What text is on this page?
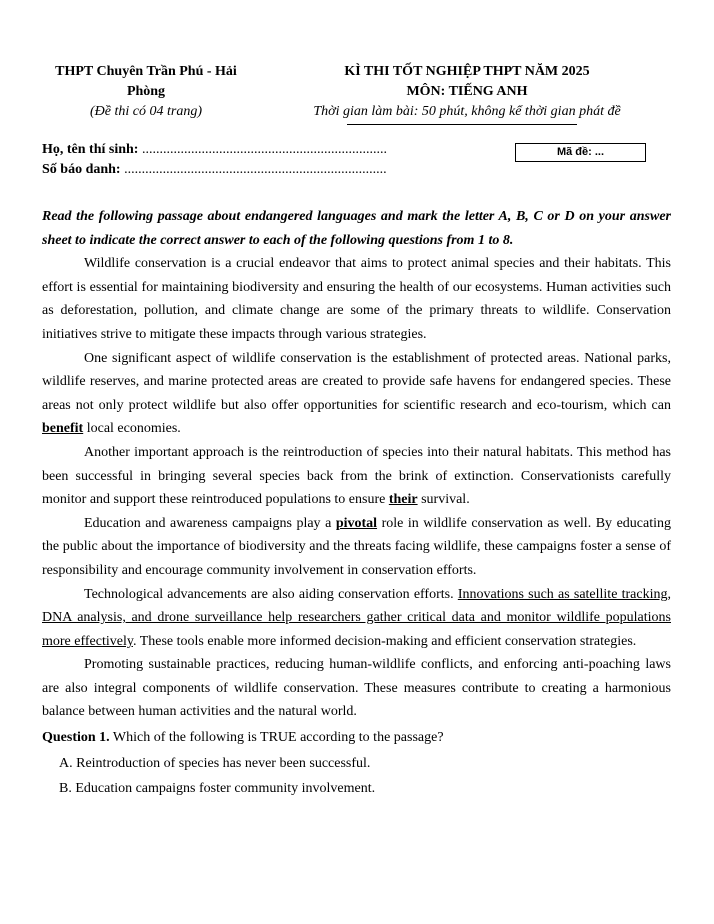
THPT Chuyên Trần Phú - Hải
Phòng
(Đề thi có 04 trang)
KÌ THI TỐT NGHIỆP THPT NĂM 2025
MÔN: TIẾNG ANH
Thời gian làm bài: 50 phút, không kể thời gian phát đề
Họ, tên thí sinh: ......................................................................
Số báo danh: ...........................................................................
Mã đề: ...

Read the following passage about endangered languages and mark the letter A, B, C or D on your answer sheet to indicate the correct answer to each of the following questions from 1 to 8.

Wildlife conservation is a crucial endeavor that aims to protect animal species and their habitats. This effort is essential for maintaining biodiversity and ensuring the health of our ecosystems. Human activities such as deforestation, pollution, and climate change are some of the primary threats to wildlife. Conservation initiatives strive to mitigate these impacts through various strategies.

One significant aspect of wildlife conservation is the establishment of protected areas. National parks, wildlife reserves, and marine protected areas are created to provide safe havens for endangered species. These areas not only protect wildlife but also offer opportunities for scientific research and eco-tourism, which can benefit local economies.

Another important approach is the reintroduction of species into their natural habitats. This method has been successful in bringing several species back from the brink of extinction. Conservationists carefully monitor and support these reintroduced populations to ensure their survival.

Education and awareness campaigns play a pivotal role in wildlife conservation as well. By educating the public about the importance of biodiversity and the threats facing wildlife, these campaigns foster a sense of responsibility and encourage community involvement in conservation efforts.

Technological advancements are also aiding conservation efforts. Innovations such as satellite tracking, DNA analysis, and drone surveillance help researchers gather critical data and monitor wildlife populations more effectively. These tools enable more informed decision-making and efficient conservation strategies.

Promoting sustainable practices, reducing human-wildlife conflicts, and enforcing anti-poaching laws are also integral components of wildlife conservation. These measures contribute to creating a harmonious balance between human activities and the natural world.

Question 1. Which of the following is TRUE according to the passage?

A. Reintroduction of species has never been successful.

B. Education campaigns foster community involvement.
